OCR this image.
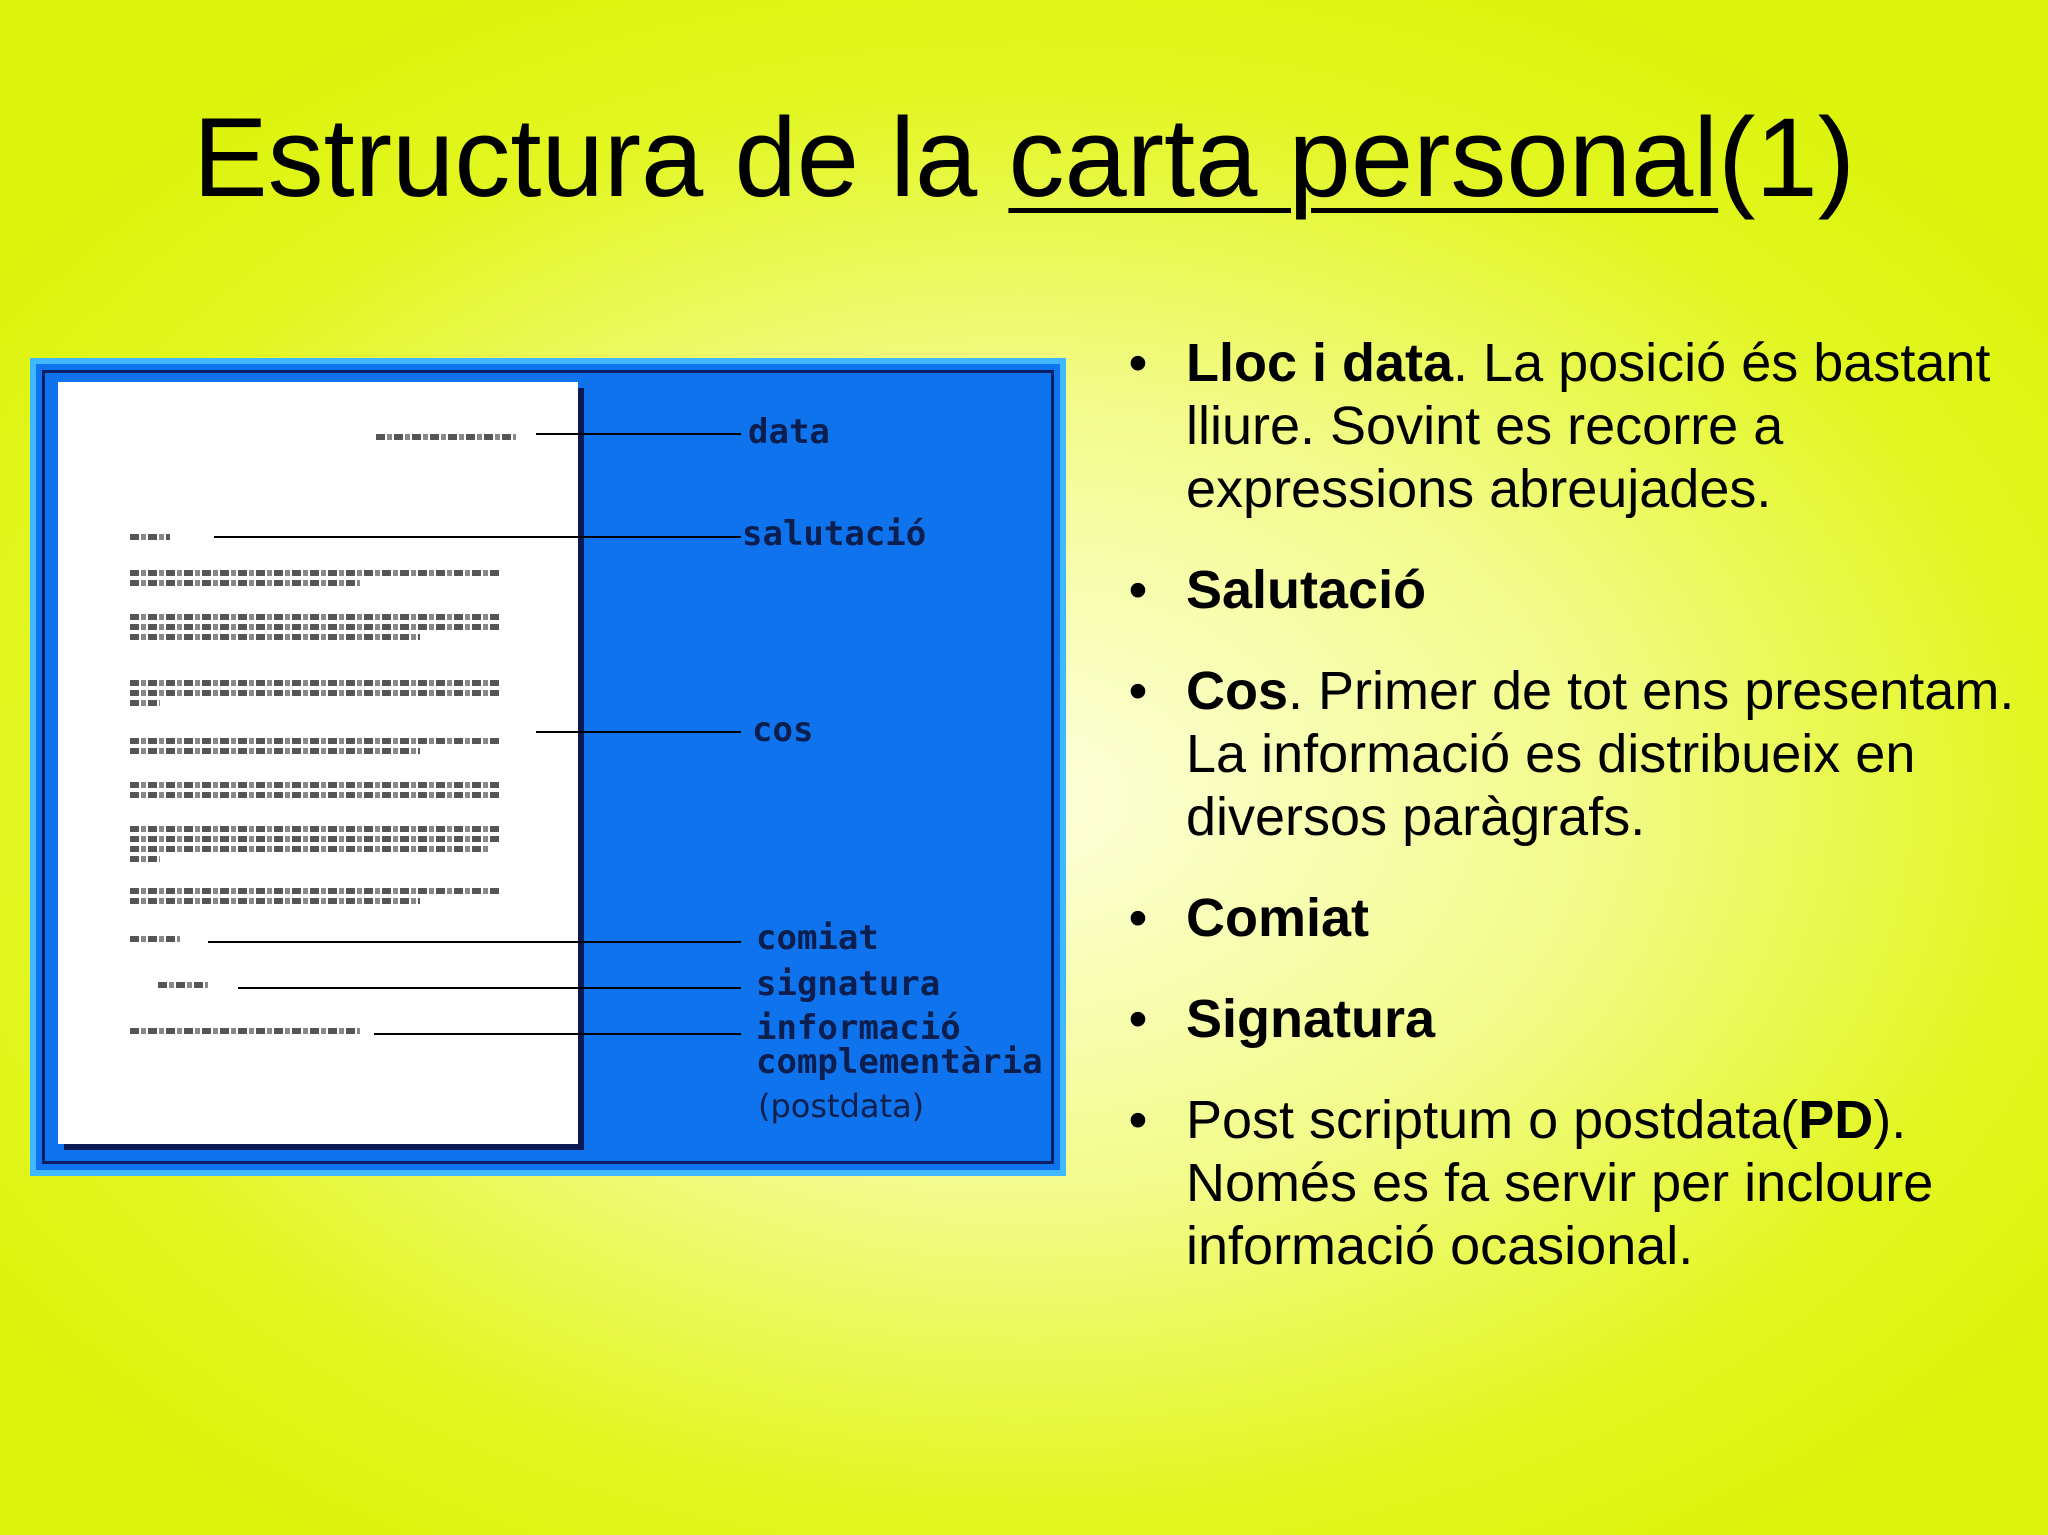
Estructura de la carta personal(1)
data
salutació
cos
comiat
signatura
informació
complementària
(postdata)
• Lloc i data. La posició és bastant lliure. Sovint es recorre a expressions abreujades.
• Salutació
• Cos. Primer de tot ens presentam. La informació es distribueix en diversos paràgrafs.
• Comiat
• Signatura
• Post scriptum o postdata(PD). Només es fa servir per incloure informació ocasional.
